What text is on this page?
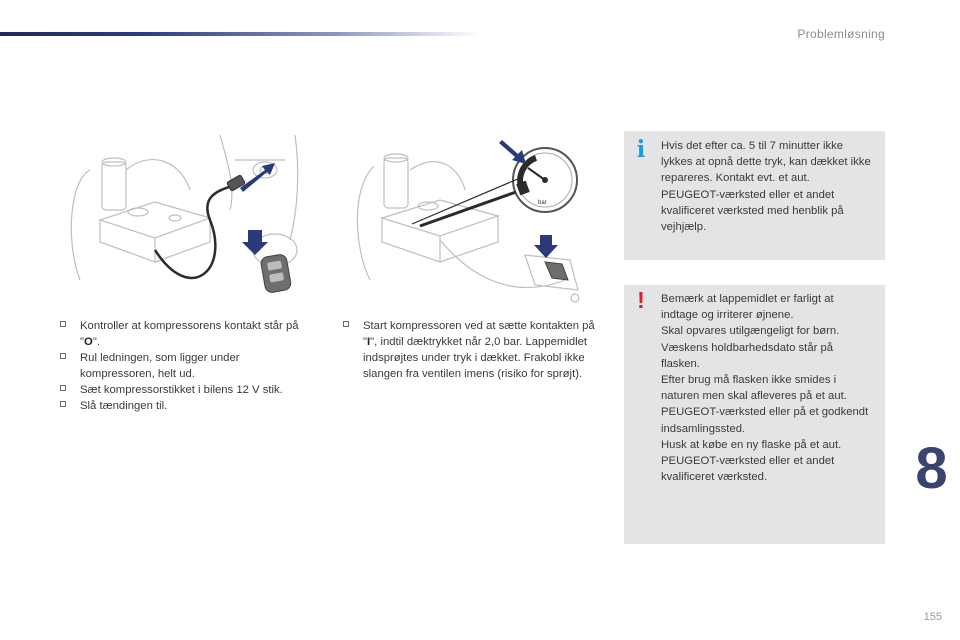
Problemløsning
bar
Kontroller at kompressorens kontakt står på "O".
Rul ledningen, som ligger under kompressoren, helt ud.
Sæt kompressorstikket i bilens 12 V stik.
Slå tændingen til.
Start kompressoren ved at sætte kontakten på "I", indtil dæktrykket når 2,0 bar. Lappemidlet indsprøjtes under tryk i dækket. Frakobl ikke slangen fra ventilen imens (risiko for sprøjt).
i Hvis det efter ca. 5 til 7 minutter ikke lykkes at opnå dette tryk, kan dækket ikke repareres. Kontakt evt. et aut. PEUGEOT-værksted eller et andet kvalificeret værksted med henblik på vejhjælp.

! Bemærk at lappemidlet er farligt at indtage og irriterer øjnene.

Skal opvares utilgængeligt for børn.

Væskens holdbarhedsdato står på flasken.

Efter brug må flasken ikke smides i naturen men skal afleveres på et aut. PEUGEOT-værksted eller på et godkendt indsamlingssted.

Husk at købe en ny flaske på et aut. PEUGEOT-værksted eller et andet kvalificeret værksted.	8
155
